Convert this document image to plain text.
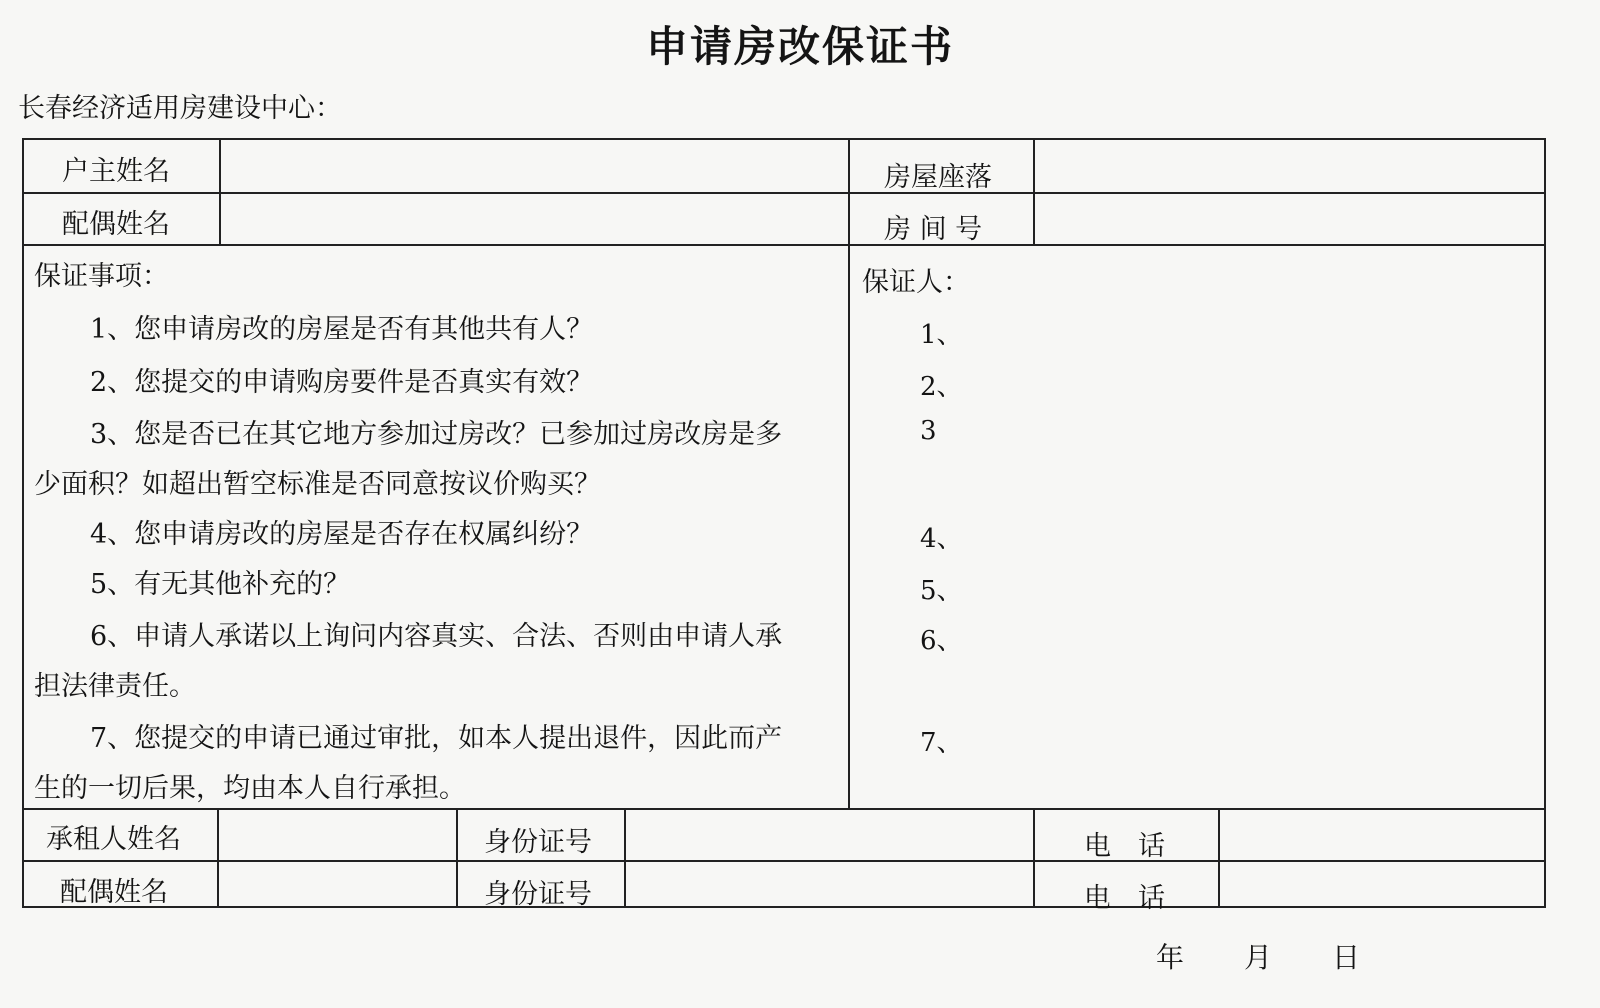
申请房改保证书
长春经济适用房建设中心：
户主姓名
配偶姓名
房屋座落
房 间 号
保证事项：
1、您申请房改的房屋是否有其他共有人？
2、您提交的申请购房要件是否真实有效？
3、您是否已在其它地方参加过房改？已参加过房改房是多
少面积？如超出暂空标准是否同意按议价购买？
4、您申请房改的房屋是否存在权属纠纷？
5、有无其他补充的？
6、申请人承诺以上询问内容真实、合法、否则由申请人承
担法律责任。
7、您提交的申请已通过审批，如本人提出退件，因此而产
生的一切后果，均由本人自行承担。
保证人：
1、
2、
3
4、
5、
6、
7、
承租人姓名
配偶姓名
身份证号
身份证号
电　话
电　话
年 月 日
